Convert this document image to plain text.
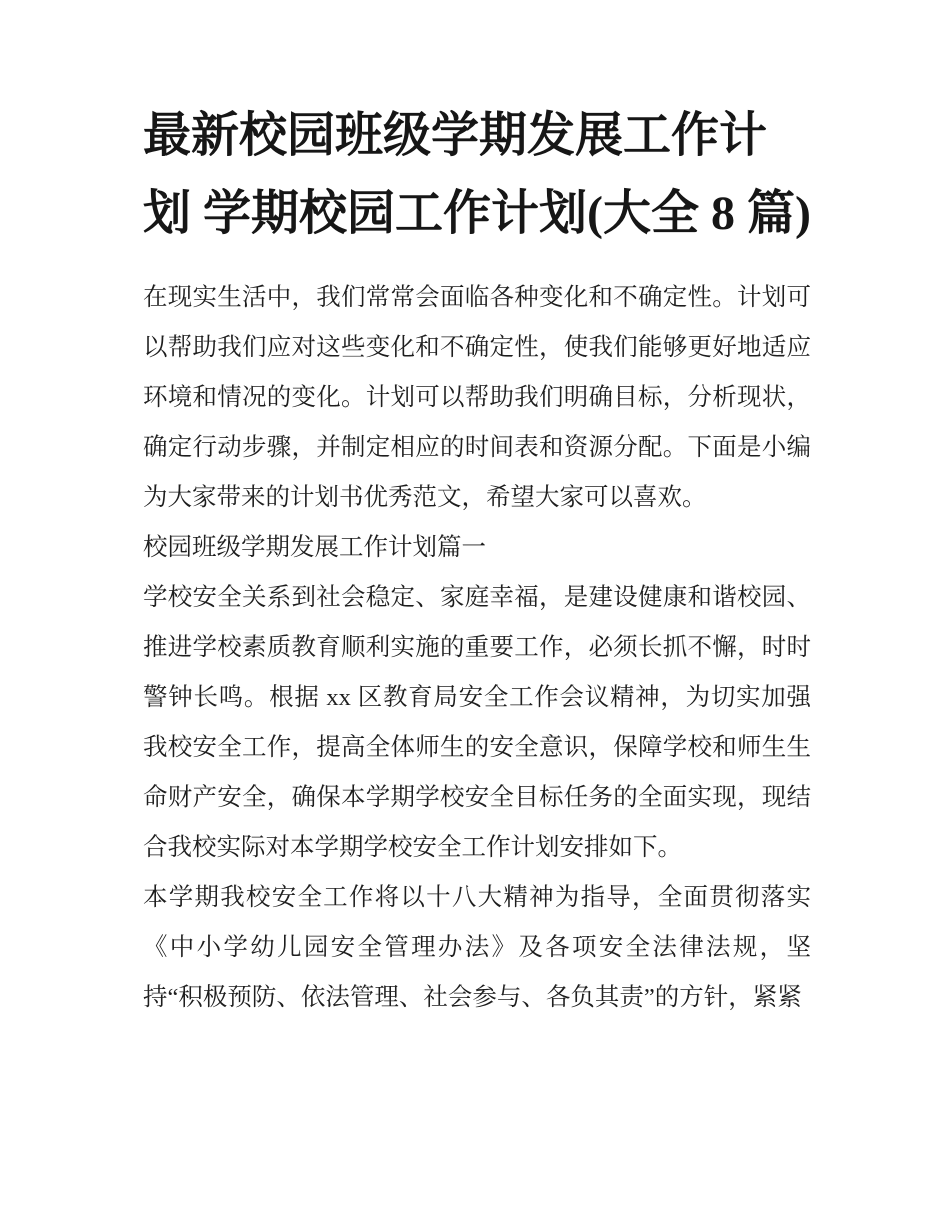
最新校园班级学期发展工作计划 学期校园工作计划(大全 8 篇)

在现实生活中，我们常常会面临各种变化和不确定性。计划可以帮助我们应对这些变化和不确定性，使我们能够更好地适应环境和情况的变化。计划可以帮助我们明确目标，分析现状，确定行动步骤，并制定相应的时间表和资源分配。下面是小编为大家带来的计划书优秀范文，希望大家可以喜欢。

校园班级学期发展工作计划篇一

学校安全关系到社会稳定、家庭幸福，是建设健康和谐校园、推进学校素质教育顺利实施的重要工作，必须长抓不懈，时时警钟长鸣。根据 xx 区教育局安全工作会议精神，为切实加强我校安全工作，提高全体师生的安全意识，保障学校和师生生命财产安全，确保本学期学校安全目标任务的全面实现，现结合我校实际对本学期学校安全工作计划安排如下。

本学期我校安全工作将以十八大精神为指导，全面贯彻落实《中小学幼儿园安全管理办法》及各项安全法律法规，坚持“积极预防、依法管理、社会参与、各负其责”的方针，紧紧
